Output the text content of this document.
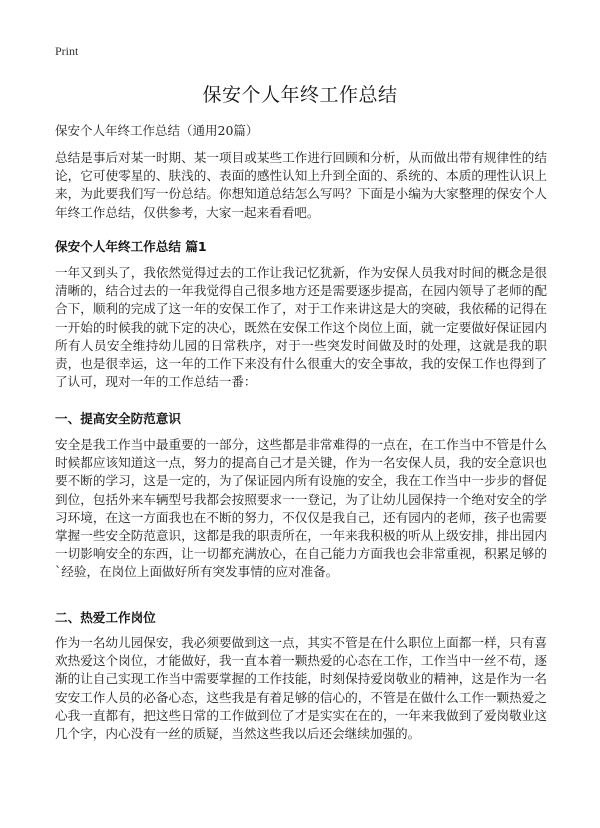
Print
保安个人年终工作总结
保安个人年终工作总结（通用20篇）

总结是事后对某一时期、某一项目或某些工作进行回顾和分析，从而做出带有规律性的结论，它可使零星的、肤浅的、表面的感性认知上升到全面的、系统的、本质的理性认识上来，为此要我们写一份总结。你想知道总结怎么写吗？下面是小编为大家整理的保安个人年终工作总结，仅供参考，大家一起来看看吧。

保安个人年终工作总结 篇1

一年又到头了，我依然觉得过去的工作让我记忆犹新，作为安保人员我对时间的概念是很清晰的，结合过去的一年我觉得自己很多地方还是需要逐步提高，在园内领导了老师的配合下，顺利的完成了这一年的安保工作了，对于工作来讲这是大的突破，我依稀的记得在一开始的时候我的就下定的决心，既然在安保工作这个岗位上面，就一定要做好保证园内所有人员安全维持幼儿园的日常秩序，对于一些突发时间做及时的处理，这就是我的职责，也是很幸运，这一年的工作下来没有什么很重大的安全事故，我的安保工作也得到了了认可，现对一年的工作总结一番：

一、提高安全防范意识

安全是我工作当中最重要的一部分，这些都是非常难得的一点在，在工作当中不管是什么时候都应该知道这一点，努力的提高自己才是关键，作为一名安保人员，我的安全意识也要不断的学习，这是一定的，为了保证园内所有设施的安全，我在工作当中一步步的督促到位，包括外来车辆型号我都会按照要求一一登记，为了让幼儿园保持一个绝对安全的学习环境，在这一方面我也在不断的努力，不仅仅是我自己，还有园内的老师，孩子也需要掌握一些安全防范意识，这都是我的职责所在，一年来我积极的听从上级安排，排出园内一切影响安全的东西，让一切都充满放心，在自己能力方面我也会非常重视，积累足够的`经验，在岗位上面做好所有突发事情的应对准备。

二、热爱工作岗位

作为一名幼儿园保安，我必须要做到这一点，其实不管是在什么职位上面都一样，只有喜欢热爱这个岗位，才能做好，我一直本着一颗热爱的心态在工作，工作当中一丝不苟，逐渐的让自己实现工作当中需要掌握的工作技能，时刻保持爱岗敬业的精神，这是作为一名安安工作人员的必备心态，这些我是有着足够的信心的，不管是在做什么工作一颗热爱之心我一直都有，把这些日常的工作做到位了才是实实在在的，一年来我做到了爱岗敬业这几个字，内心没有一丝的质疑，当然这些我以后还会继续加强的。
